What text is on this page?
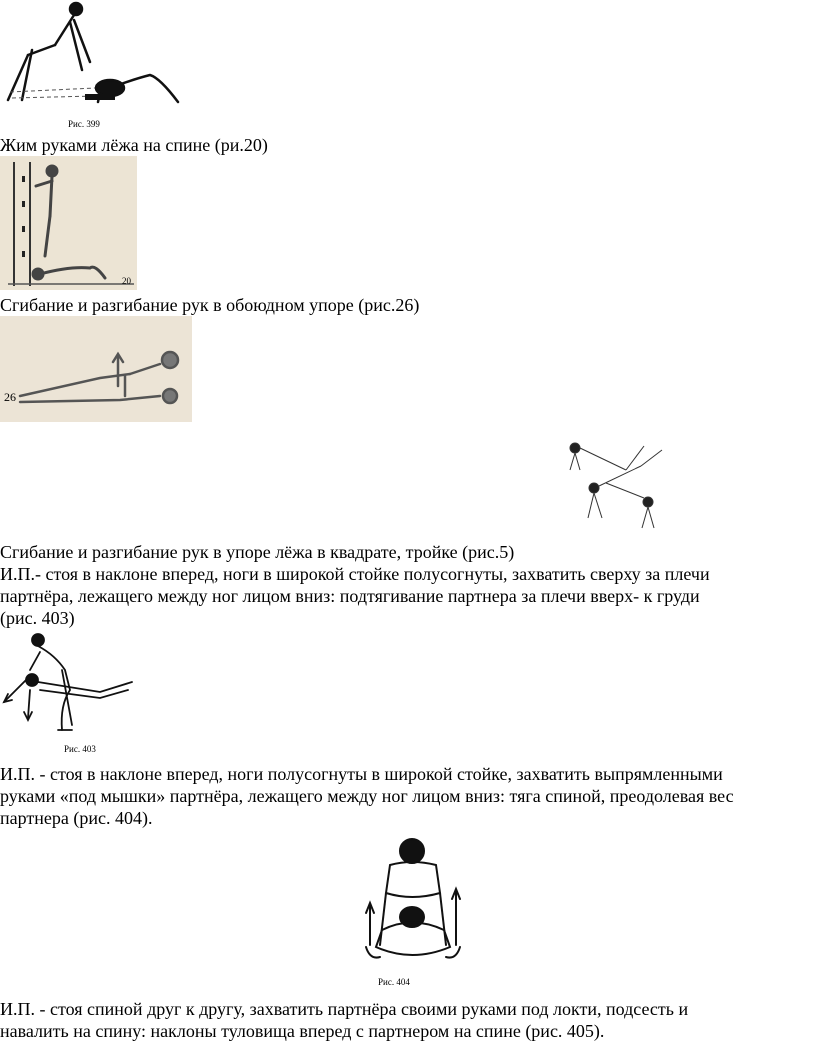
Рис. 399
Жим руками лёжа на спине (ри.20)
20
Сгибание и разгибание рук в обоюдном упоре (рис.26)
26
Сгибание и разгибание рук в упоре лёжа в квадрате, тройке (рис.5)
И.П.- стоя в наклоне вперед, ноги в широкой стойке полусогнуты, захватить сверху за плечи
партнёра, лежащего между ног лицом вниз: подтягивание партнера за плечи вверх- к груди
(рис. 403)
Рис. 403
И.П. - стоя в наклоне вперед, ноги полусогнуты в широкой стойке, захватить выпрямленными
руками «под мышки» партнёра, лежащего между ног лицом вниз: тяга спиной, преодолевая вес
партнера (рис. 404).
Рис. 404
И.П. - стоя спиной друг к другу, захватить партнёра своими руками под локти, подсесть и
навалить на спину: наклоны туловища вперед с партнером на спине (рис. 405).
